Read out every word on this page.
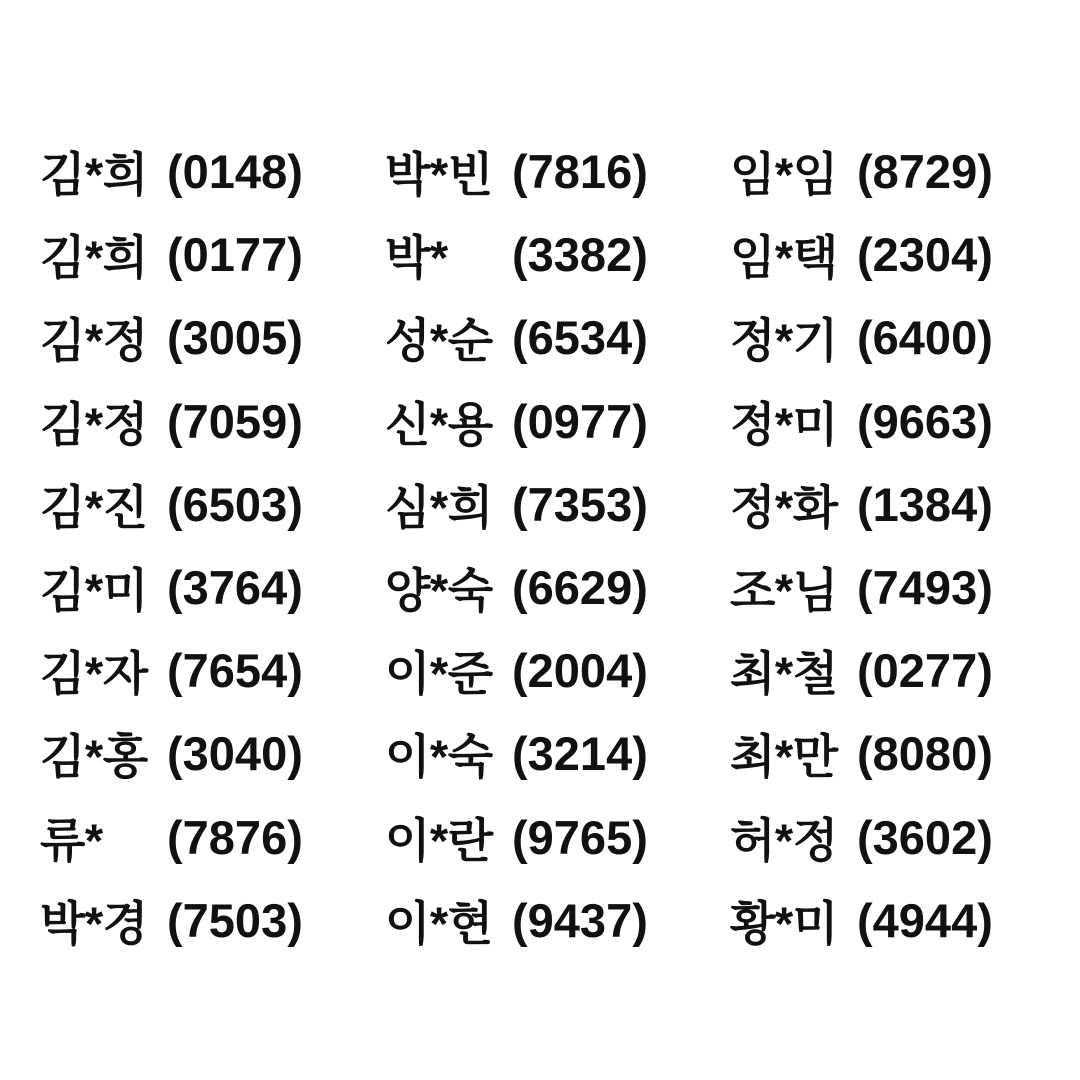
김*희 (0148)
김*희 (0177)
김*정 (3005)
김*정 (7059)
김*진 (6503)
김*미 (3764)
김*자 (7654)
김*홍 (3040)
류*　 (7876)
박*경 (7503)
박*빈 (7816)
박*　 (3382)
성*순 (6534)
신*용 (0977)
심*희 (7353)
양*숙 (6629)
이*준 (2004)
이*숙 (3214)
이*란 (9765)
이*현 (9437)
임*임 (8729)
임*택 (2304)
정*기 (6400)
정*미 (9663)
정*화 (1384)
조*님 (7493)
최*철 (0277)
최*만 (8080)
허*정 (3602)
황*미 (4944)
